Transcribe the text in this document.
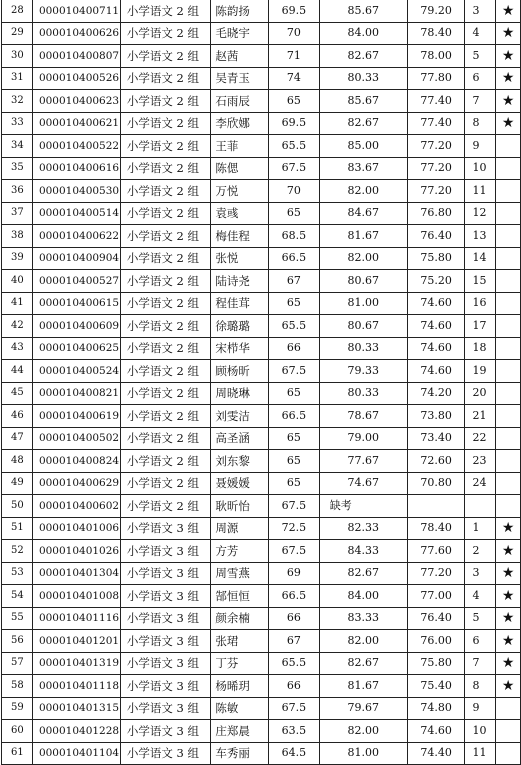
28	000010400711	小学语文 2 组	陈韵扬	69.5	85.67	79.20	3	★
29	000010400626	小学语文 2 组	毛晓宇	70	84.00	78.40	4	★
30	000010400807	小学语文 2 组	赵茜	71	82.67	78.00	5	★
31	000010400526	小学语文 2 组	吴青玉	74	80.33	77.80	6	★
32	000010400623	小学语文 2 组	石雨辰	65	85.67	77.40	7	★
33	000010400621	小学语文 2 组	李欣娜	69.5	82.67	77.40	8	★
34	000010400522	小学语文 2 组	王菲	65.5	85.00	77.20	9	
35	000010400616	小学语文 2 组	陈偲	67.5	83.67	77.20	10	
36	000010400530	小学语文 2 组	万悦	70	82.00	77.20	11	
37	000010400514	小学语文 2 组	袁彧	65	84.67	76.80	12	
38	000010400622	小学语文 2 组	梅佳程	68.5	81.67	76.40	13	
39	000010400904	小学语文 2 组	张悦	66.5	82.00	75.80	14	
40	000010400527	小学语文 2 组	陆诗尧	67	80.67	75.20	15	
41	000010400615	小学语文 2 组	程佳茸	65	81.00	74.60	16	
42	000010400609	小学语文 2 组	徐璐璐	65.5	80.67	74.60	17	
43	000010400625	小学语文 2 组	宋栉华	66	80.33	74.60	18	
44	000010400524	小学语文 2 组	顾杨昕	67.5	79.33	74.60	19	
45	000010400821	小学语文 2 组	周晓琳	65	80.33	74.20	20	
46	000010400619	小学语文 2 组	刘雯洁	66.5	78.67	73.80	21	
47	000010400502	小学语文 2 组	高圣涵	65	79.00	73.40	22	
48	000010400824	小学语文 2 组	刘东黎	65	77.67	72.60	23	
49	000010400629	小学语文 2 组	聂媛媛	65	74.67	70.80	24	
50	000010400602	小学语文 2 组	耿昕怡	67.5	缺考			
51	000010401006	小学语文 3 组	周源	72.5	82.33	78.40	1	★
52	000010401026	小学语文 3 组	方芳	67.5	84.33	77.60	2	★
53	000010401304	小学语文 3 组	周雪燕	69	82.67	77.20	3	★
54	000010401008	小学语文 3 组	郜恒恒	66.5	84.00	77.00	4	★
55	000010401116	小学语文 3 组	颜余楠	66	83.33	76.40	5	★
56	000010401201	小学语文 3 组	张珺	67	82.00	76.00	6	★
57	000010401319	小学语文 3 组	丁芬	65.5	82.67	75.80	7	★
58	000010401118	小学语文 3 组	杨晞玥	66	81.67	75.40	8	★
59	000010401315	小学语文 3 组	陈敏	67.5	79.67	74.80	9	
60	000010401228	小学语文 3 组	庄郑晨	63.5	82.00	74.60	10	
61	000010401104	小学语文 3 组	车秀丽	64.5	81.00	74.40	11	
